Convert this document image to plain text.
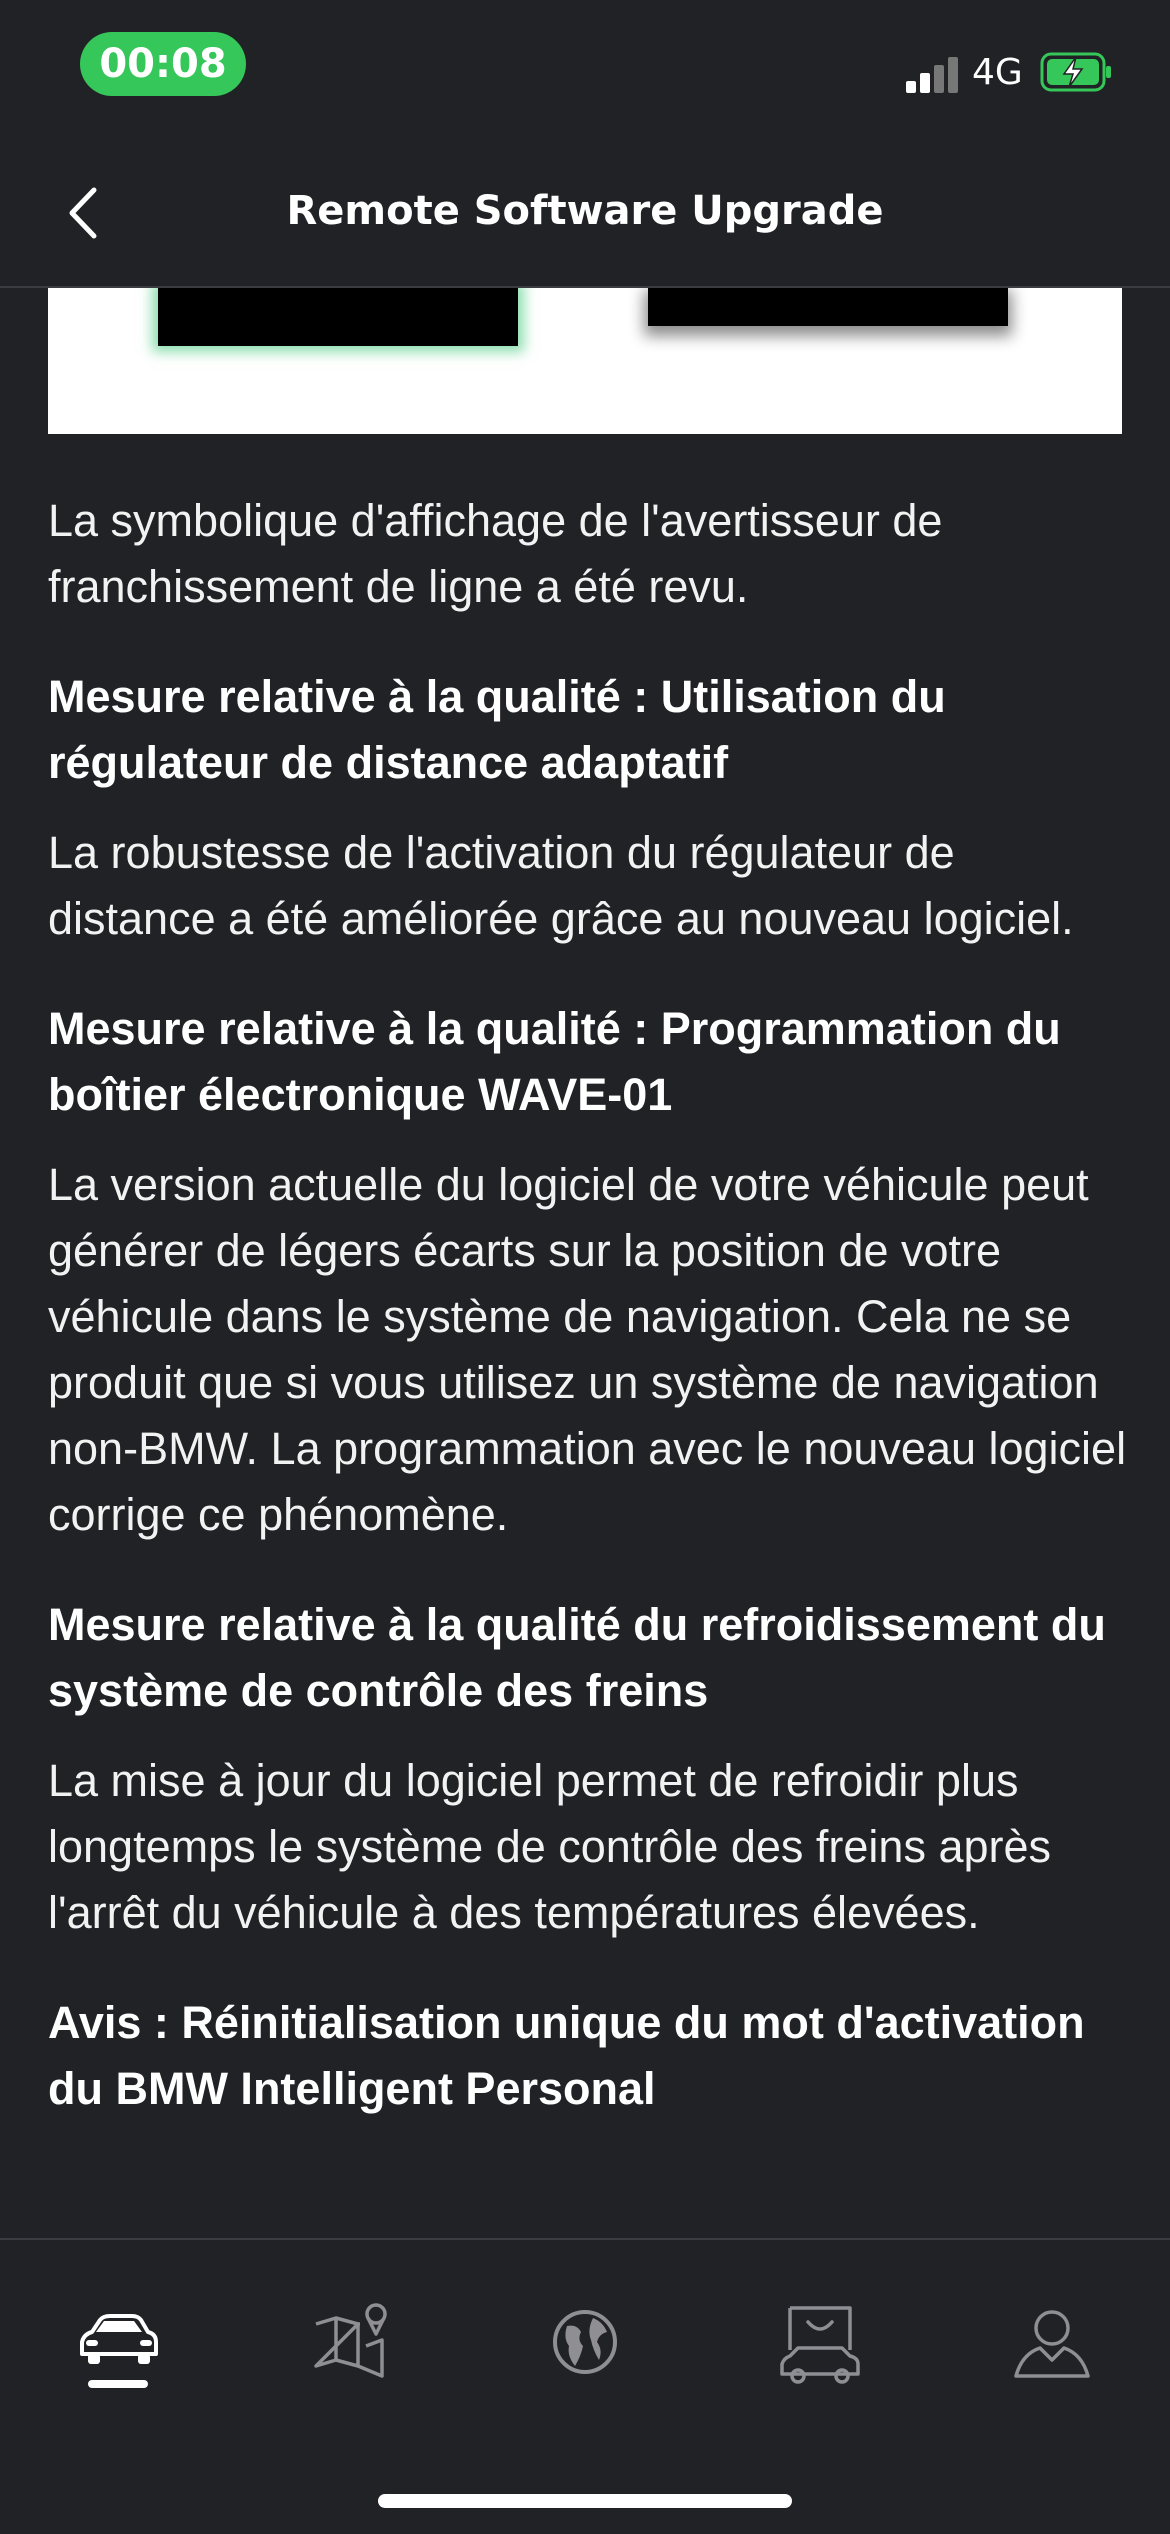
00:08	4G
Remote Software Upgrade

La symbolique d'affichage de l'avertisseur de franchissement de ligne a été revu.

Mesure relative à la qualité : Utilisation du régulateur de distance adaptatif

La robustesse de l'activation du régulateur de distance a été améliorée grâce au nouveau logiciel.

Mesure relative à la qualité : Programmation du boîtier électronique WAVE-01

La version actuelle du logiciel de votre véhicule peut générer de légers écarts sur la position de votre véhicule dans le système de navigation. Cela ne se produit que si vous utilisez un système de navigation non-BMW. La programmation avec le nouveau logiciel corrige ce phénomène.

Mesure relative à la qualité du refroidissement du système de contrôle des freins

La mise à jour du logiciel permet de refroidir plus longtemps le système de contrôle des freins après l'arrêt du véhicule à des températures élevées.

Avis : Réinitialisation unique du mot d'activation du BMW Intelligent Personal
